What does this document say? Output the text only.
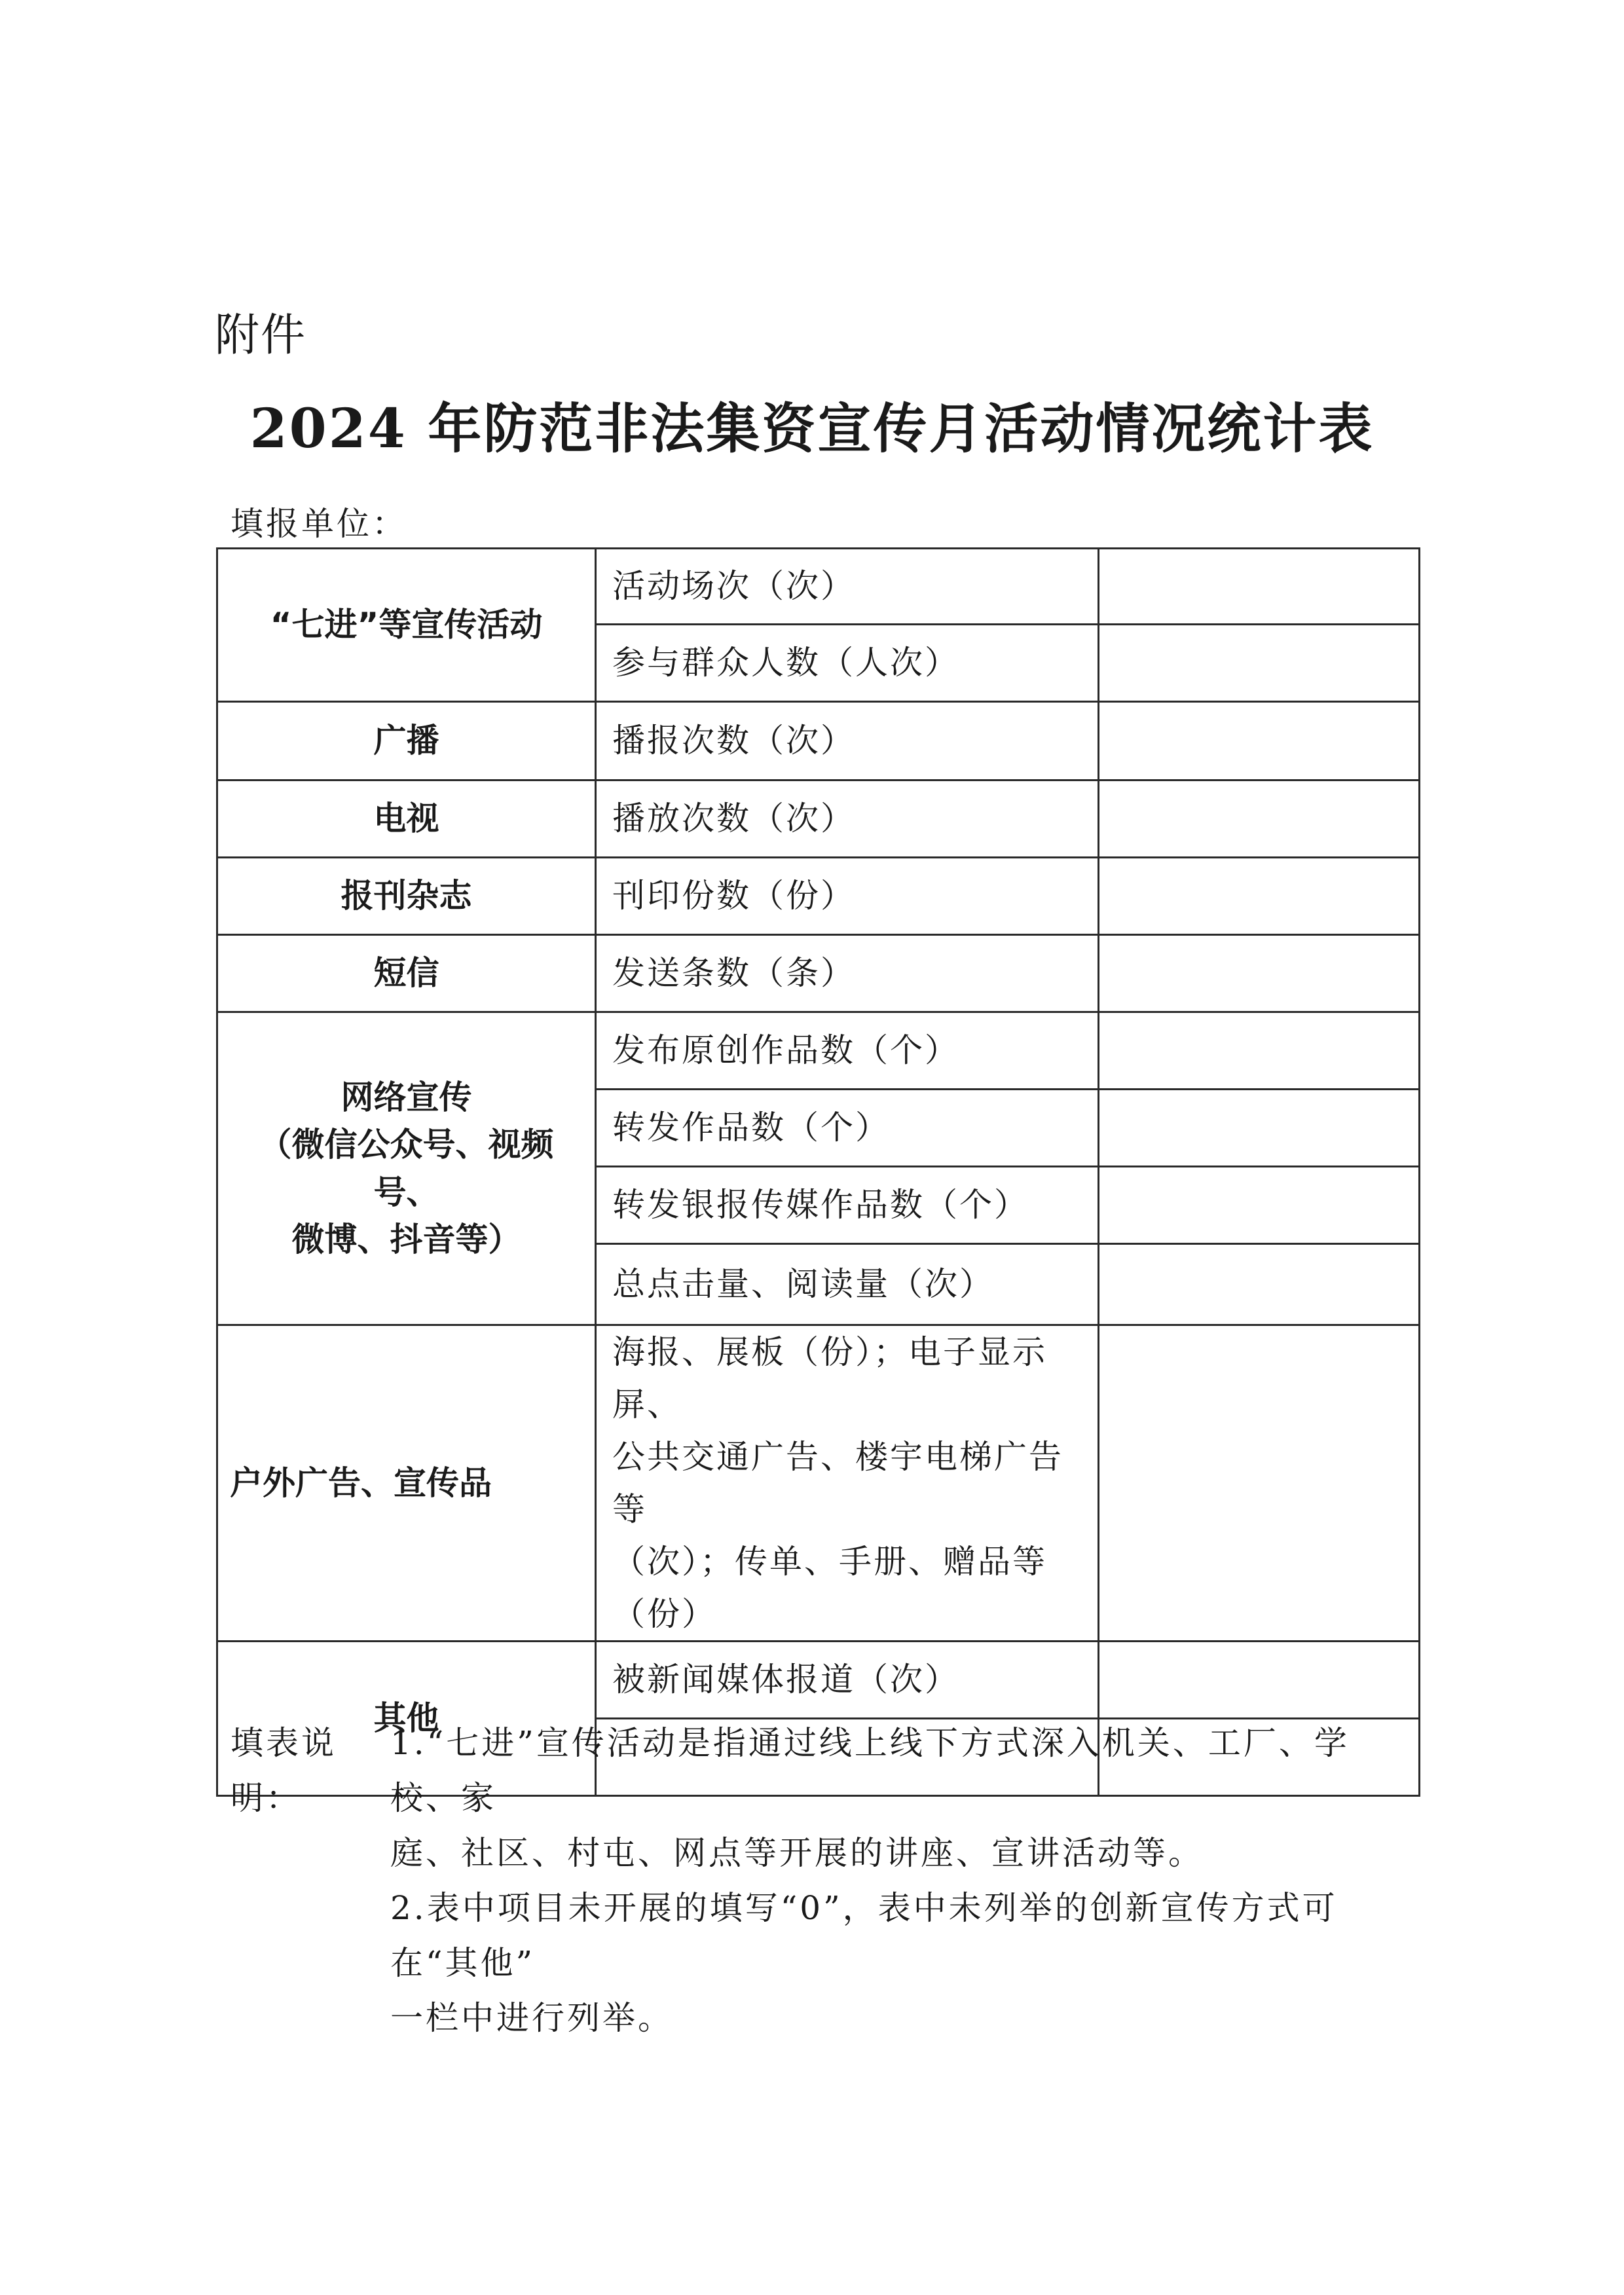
附件
2024 年防范非法集资宣传月活动情况统计表
填报单位：
“七进”等宣传活动	活动场次（次）	
	参与群众人数（人次）	
广播	播报次数（次）	
电视	播放次数（次）	
报刊杂志	刊印份数（份）	
短信	发送条数（条）	

网络宣传
（微信公众号、视频号、
微博、抖音等）	发布原创作品数（个）	
	转发作品数（个）	
	转发银报传媒作品数（个）	
	总点击量、阅读量（次）	
户外广告、宣传品	海报、展板（份）；电子显示屏、
公共交通广告、楼宇电梯广告等
（次）；传单、手册、赠品等（份）	

其他	被新闻媒体报道（次）	

填表说明：
1.“七进”宣传活动是指通过线上线下方式深入机关、工厂、学校、家
庭、社区、村屯、网点等开展的讲座、宣讲活动等。
2.表中项目未开展的填写“0”，表中未列举的创新宣传方式可在“其他”
一栏中进行列举。
